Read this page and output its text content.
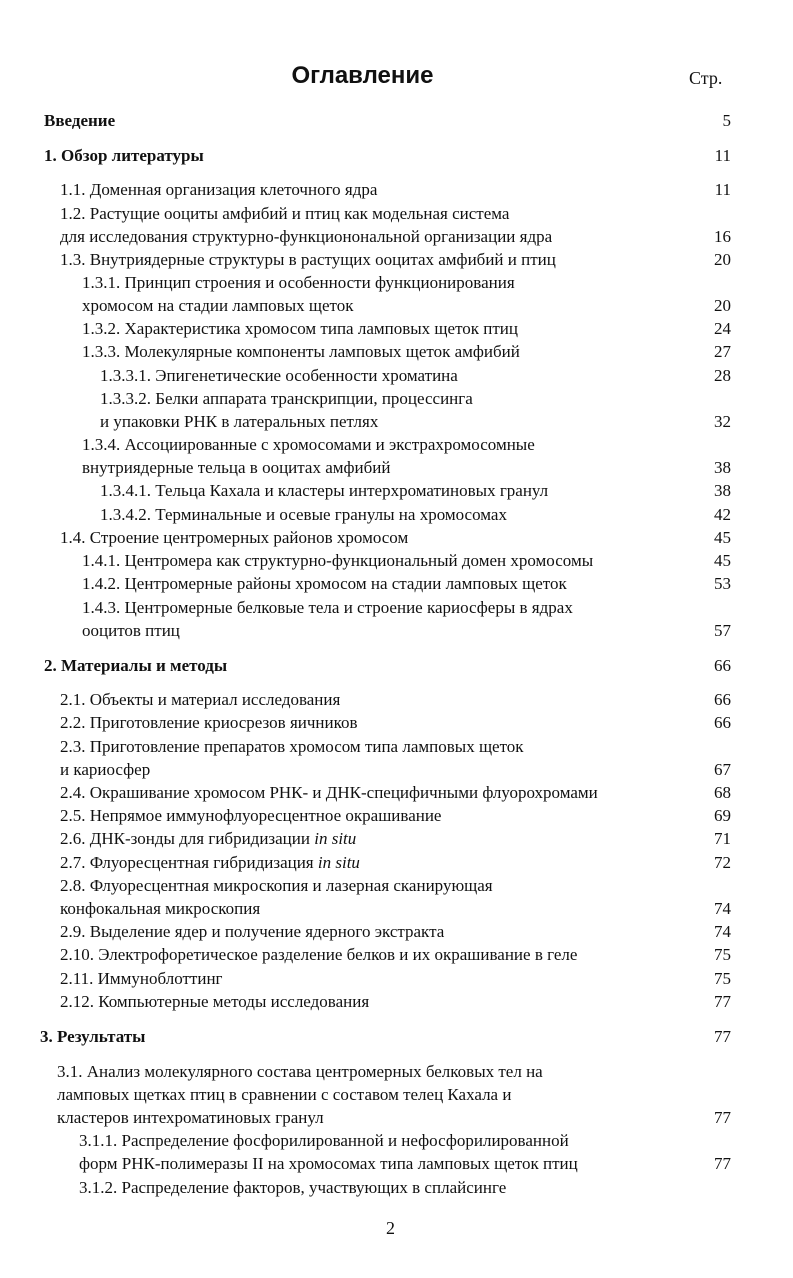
Оглавление	Стр.
Введение	5
1. Обзор литературы	11
1.1. Доменная организация клеточного ядра	11
1.2. Растущие ооциты амфибий и птиц как модельная система
для исследования структурно-функционональной организации ядра	16
1.3. Внутриядерные структуры в растущих ооцитах амфибий и птиц	20
1.3.1. Принцип строения и особенности функционирования
хромосом на стадии ламповых щеток	20
1.3.2. Характеристика хромосом типа ламповых щеток птиц	24
1.3.3. Молекулярные компоненты ламповых щеток амфибий	27
1.3.3.1. Эпигенетические особенности хроматина	28
1.3.3.2. Белки аппарата транскрипции, процессинга
и упаковки РНК в латеральных петлях	32
1.3.4. Ассоциированные с хромосомами и экстрахромосомные
внутриядерные тельца в ооцитах амфибий	38
1.3.4.1. Тельца Кахала и кластеры интерхроматиновых гранул	38
1.3.4.2. Терминальные и осевые гранулы на хромосомах	42
1.4. Строение центромерных районов хромосом	45
1.4.1. Центромера как структурно-функциональный домен хромосомы	45
1.4.2. Центромерные районы хромосом на стадии ламповых щеток	53
1.4.3. Центромерные белковые тела и строение кариосферы в ядрах
ооцитов птиц	57
2. Материалы и методы	66
2.1. Объекты и материал исследования	66
2.2. Приготовление криосрезов яичников	66
2.3. Приготовление препаратов хромосом типа ламповых щеток
и кариосфер	67
2.4. Окрашивание хромосом РНК- и ДНК-специфичными флуорохромами	68
2.5. Непрямое иммунофлуоресцентное окрашивание	69
2.6. ДНК-зонды для гибридизации in situ	71
2.7. Флуоресцентная гибридизация in situ	72
2.8. Флуоресцентная микроскопия и лазерная сканирующая
конфокальная микроскопия	74
2.9. Выделение ядер и получение ядерного экстракта	74
2.10. Электрофоретическое разделение белков и их окрашивание в геле	75
2.11. Иммуноблоттинг	75
2.12. Компьютерные методы исследования	77
3. Результаты	77
3.1. Анализ молекулярного состава центромерных белковых тел на
ламповых щетках птиц в сравнении с составом телец Кахала и
кластеров интехроматиновых гранул	77
3.1.1. Распределение фосфорилированной и нефосфорилированной
форм РНК-полимеразы II на хромосомах типа ламповых щеток птиц	77
3.1.2. Распределение факторов, участвующих в сплайсинге
2
